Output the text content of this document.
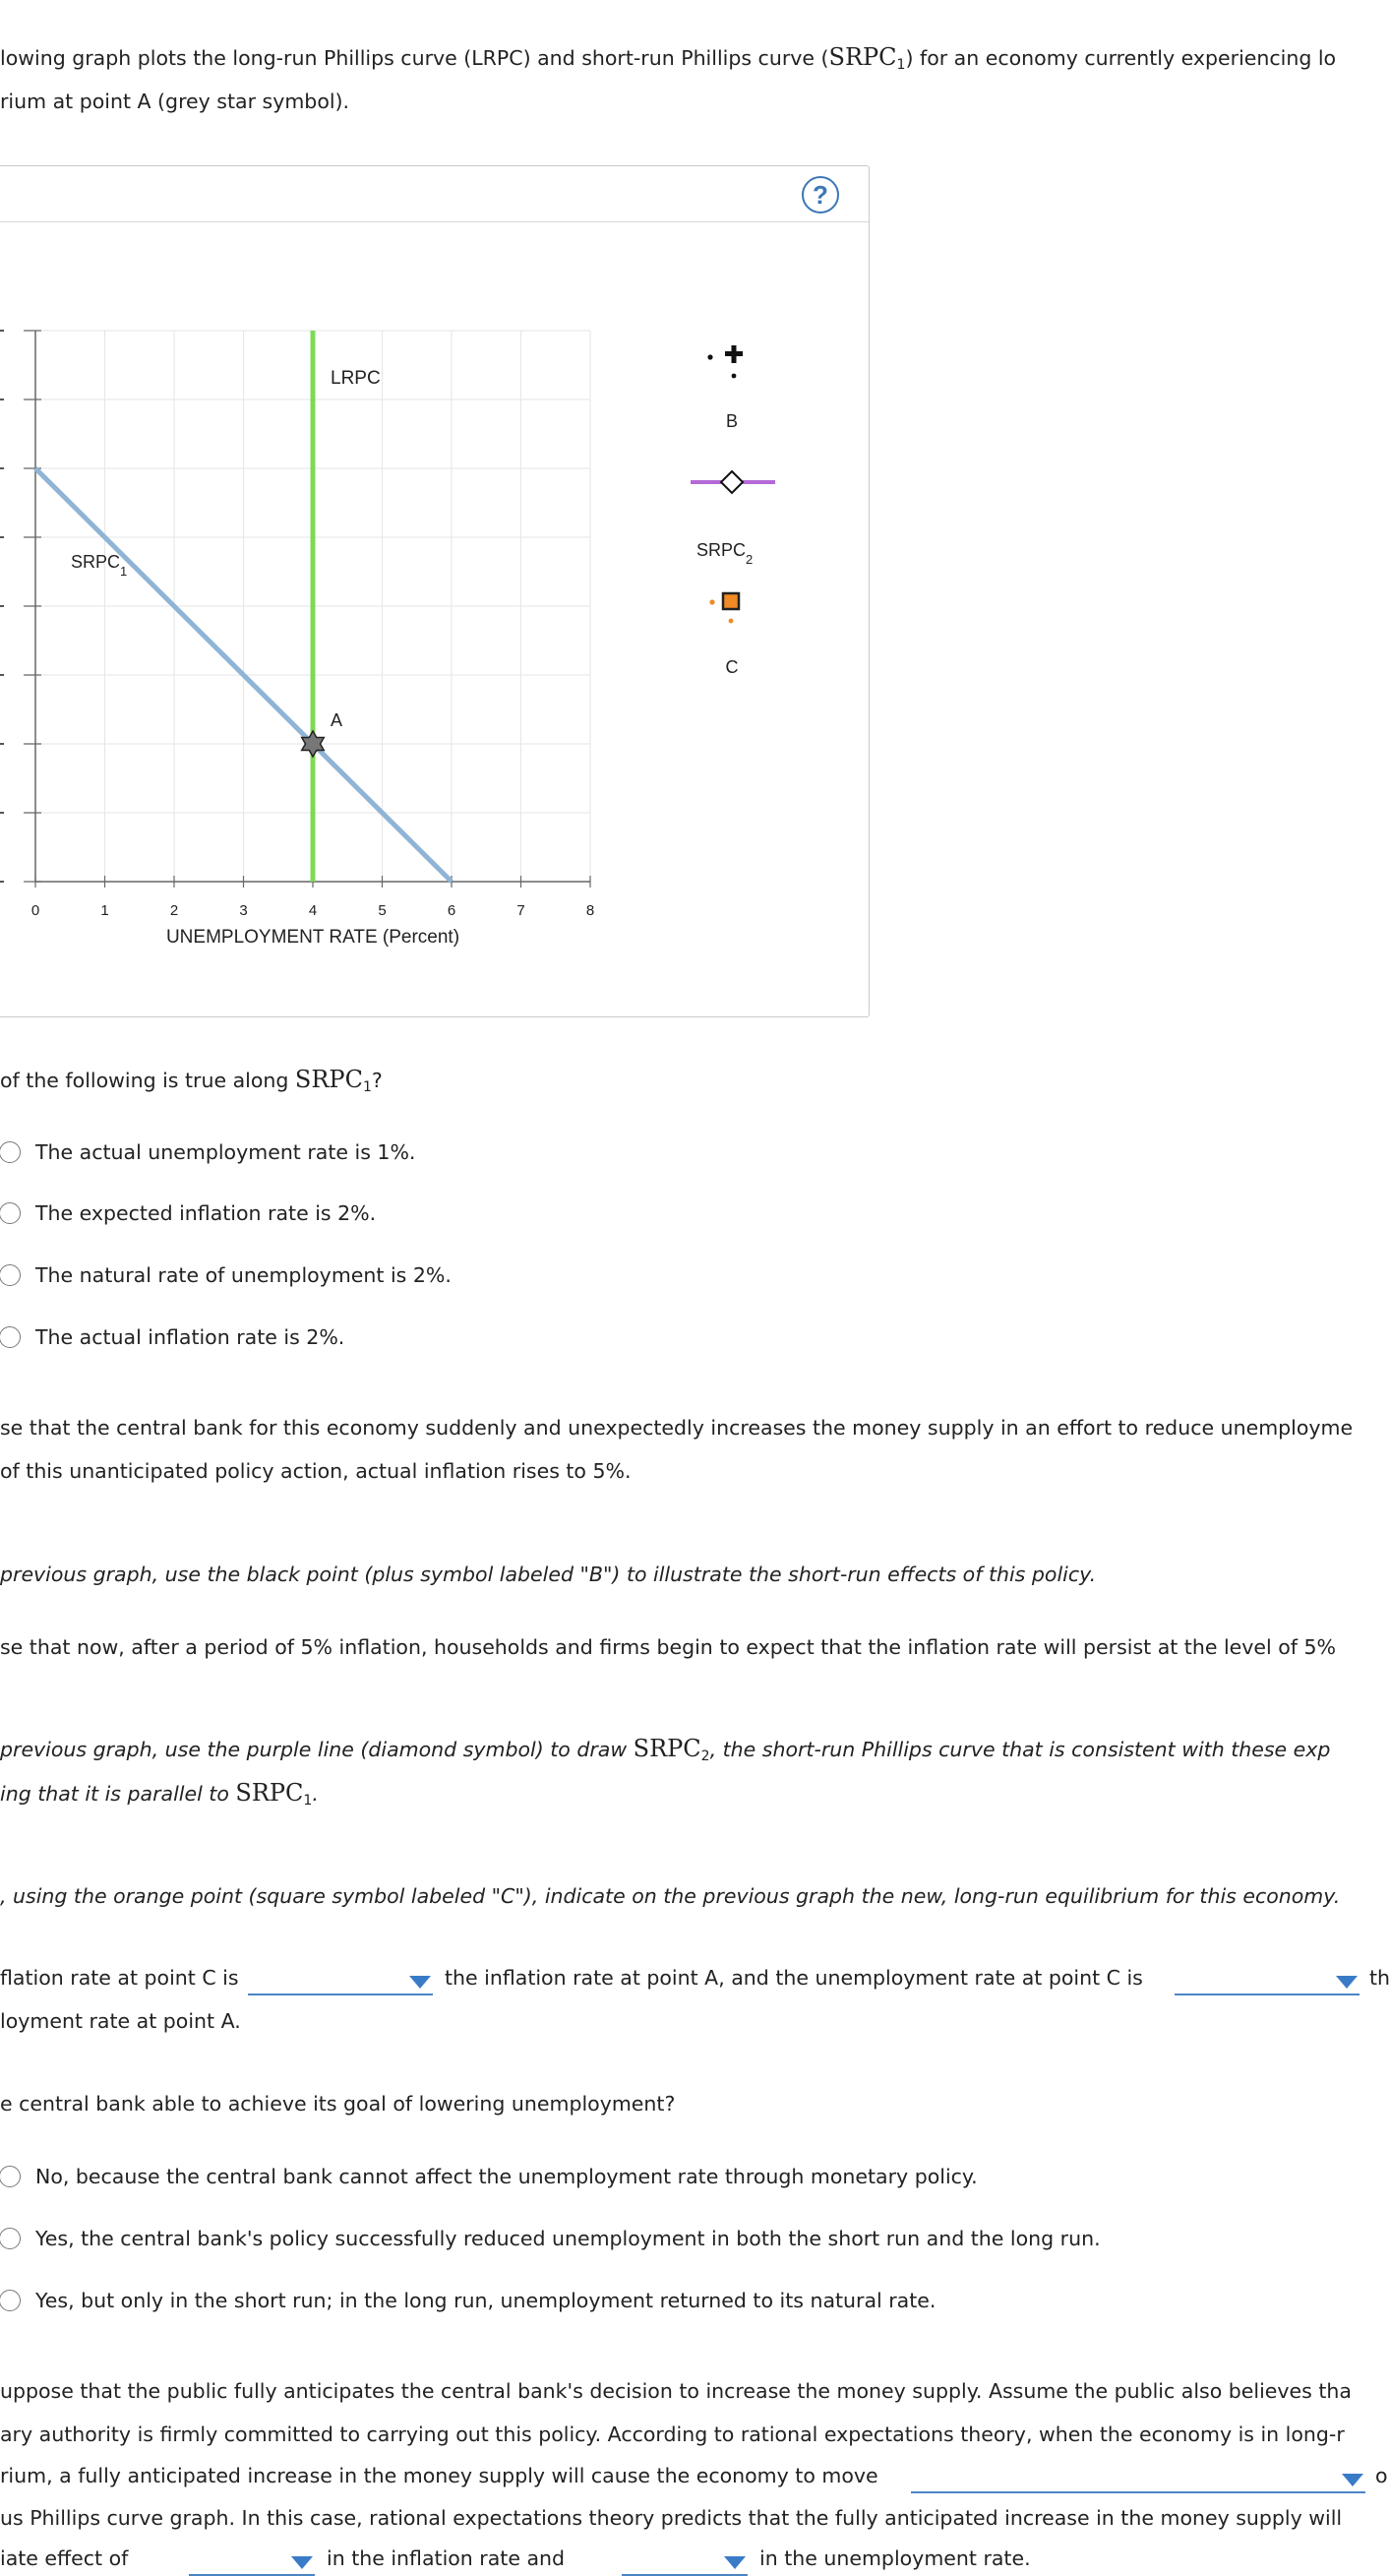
lowing graph plots the long-run Phillips curve (LRPC) and short-run Phillips curve $(SRPC_1)$ for an economy currently experiencing lo
rium at point A (grey star symbol).
?
0	1	2	3	4	5	6	7	8
UNEMPLOYMENT RATE (Percent)
LRPC
$SRPC_1$
A
B
$SRPC_2$
C
of the following is true along $SRPC_1$?
The actual unemployment rate is 1%.
The expected inflation rate is 2%.
The natural rate of unemployment is 2%.
The actual inflation rate is 2%.
se that the central bank for this economy suddenly and unexpectedly increases the money supply in an effort to reduce unemployme
of this unanticipated policy action, actual inflation rises to 5%.
previous graph, use the black point (plus symbol labeled "B") to illustrate the short-run effects of this policy.
se that now, after a period of 5% inflation, households and firms begin to expect that the inflation rate will persist at the level of 5%
previous graph, use the purple line (diamond symbol) to draw $SRPC_2$, the short-run Phillips curve that is consistent with these exp
ing that it is parallel to $SRPC_1$.
, using the orange point (square symbol labeled "C"), indicate on the previous graph the new, long-run equilibrium for this economy.
flation rate at point C is	the inflation rate at point A, and the unemployment rate at point C is	th
loyment rate at point A.
e central bank able to achieve its goal of lowering unemployment?
No, because the central bank cannot affect the unemployment rate through monetary policy.
Yes, the central bank's policy successfully reduced unemployment in both the short run and the long run.
Yes, but only in the short run; in the long run, unemployment returned to its natural rate.
uppose that the public fully anticipates the central bank's decision to increase the money supply. Assume the public also believes tha
ary authority is firmly committed to carrying out this policy. According to rational expectations theory, when the economy is in long-r
rium, a fully anticipated increase in the money supply will cause the economy to move	o
us Phillips curve graph. In this case, rational expectations theory predicts that the fully anticipated increase in the money supply will
iate effect of	in the inflation rate and	in the unemployment rate.
